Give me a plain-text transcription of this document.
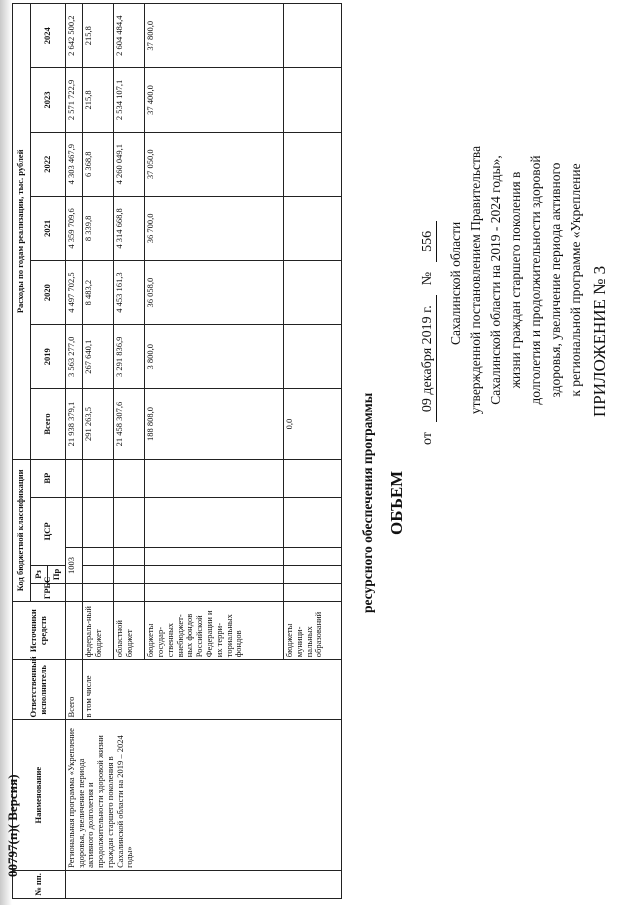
ПРИЛОЖЕНИЕ № 3
к региональной программе «Укрепление
здоровья, увеличение периода активного
долголетия и продолжительности здоровой
жизни граждан старшего поколения в
Сахалинской области на 2019 - 2024 годы»,
утвержденной постановлением Правительства
Сахалинской области
от
09 декабря 2019 г.
№
556
ОБЪЕМ
ресурсного обеспечения программы
№ пп.	Наименование	Ответственный исполнитель	Источники средств	Код бюджетной классификации					Расходы по годам реализации, тыс. рублей						
				ГРБС	Рз	ЦСР		ВР	Всего	2019	2020	2021	2022	2023	2024
					Пр										
	Региональная программа «Укрепление здоровья, увеличение периода активного долголетия и продолжительности здоровой жизни граждан старшего поколения в Сахалинской области на 2019 – 2024 годы»	Всего			1003				21 938 379,1	3 563 277,0	4 497 702,5	4 359 709,6	4 303 467,9	2 571 722,9	2 642 500,2
		в том числе	федераль-ный бюджет						291 263,5	267 640,1	8 483,2	8 339,8	6 368,8	215,8	215,8
			областной бюджет						21 458 307,6	3 291 836,9	4 453 161,3	4 314 668,8	4 260 049,1	2 534 107,1	2 604 484,4
			бюджеты государ-ственных внебюджет-ных фондов Российской Федерации и их терри-ториальных фондов						188 808,0	3 800,0	36 058,0	36 700,0	37 050,0	37 400,0	37 800,0
			бюджеты муници-пальных образований						0,0						
00797(п)( Версия)
